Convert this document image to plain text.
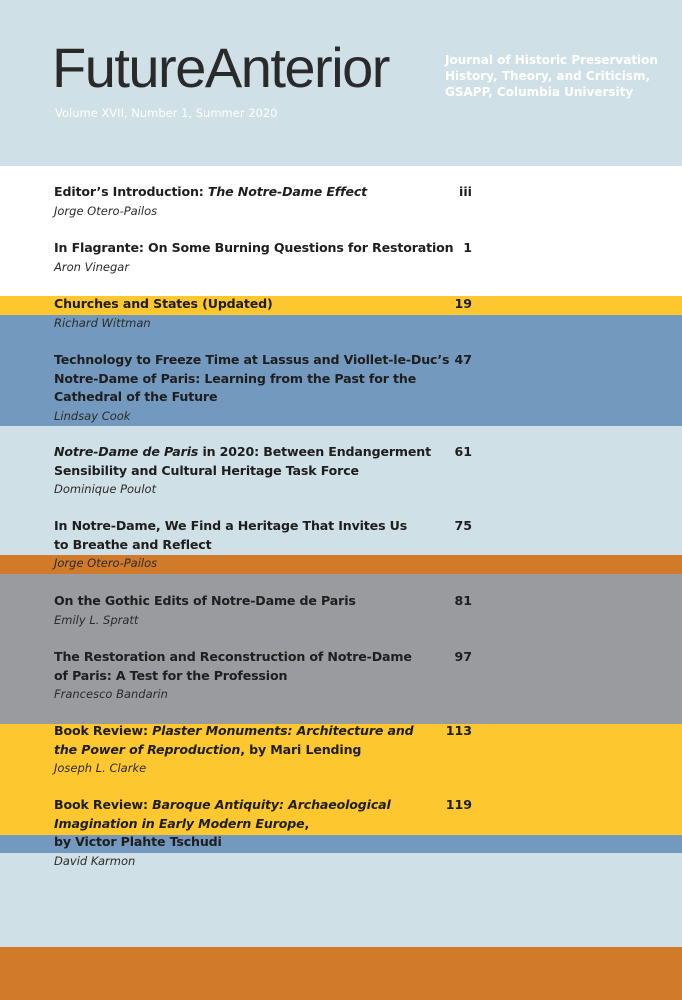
FutureAnterior
Volume XVII, Number 1, Summer 2020
Journal of Historic Preservation
History, Theory, and Criticism,
GSAPP, Columbia University
Editor’s Introduction: The Notre-Dame Effect
Jorge Otero-Pailos
iii
In Flagrante: On Some Burning Questions for Restoration
Aron Vinegar
1
Churches and States (Updated)
Richard Wittman
19
Technology to Freeze Time at Lassus and Viollet-le-Duc’s
Notre-Dame of Paris: Learning from the Past for the
Cathedral of the Future
Lindsay Cook
47
Notre-Dame de Paris in 2020: Between Endangerment
Sensibility and Cultural Heritage Task Force
Dominique Poulot
61
In Notre-Dame, We Find a Heritage That Invites Us
to Breathe and Reflect
Jorge Otero-Pailos
75
On the Gothic Edits of Notre-Dame de Paris
Emily L. Spratt
81
The Restoration and Reconstruction of Notre-Dame
of Paris: A Test for the Profession
Francesco Bandarin
97
Book Review: Plaster Monuments: Architecture and
the Power of Reproduction, by Mari Lending
Joseph L. Clarke
113
Book Review: Baroque Antiquity: Archaeological
Imagination in Early Modern Europe,
by Victor Plahte Tschudi
David Karmon
119
